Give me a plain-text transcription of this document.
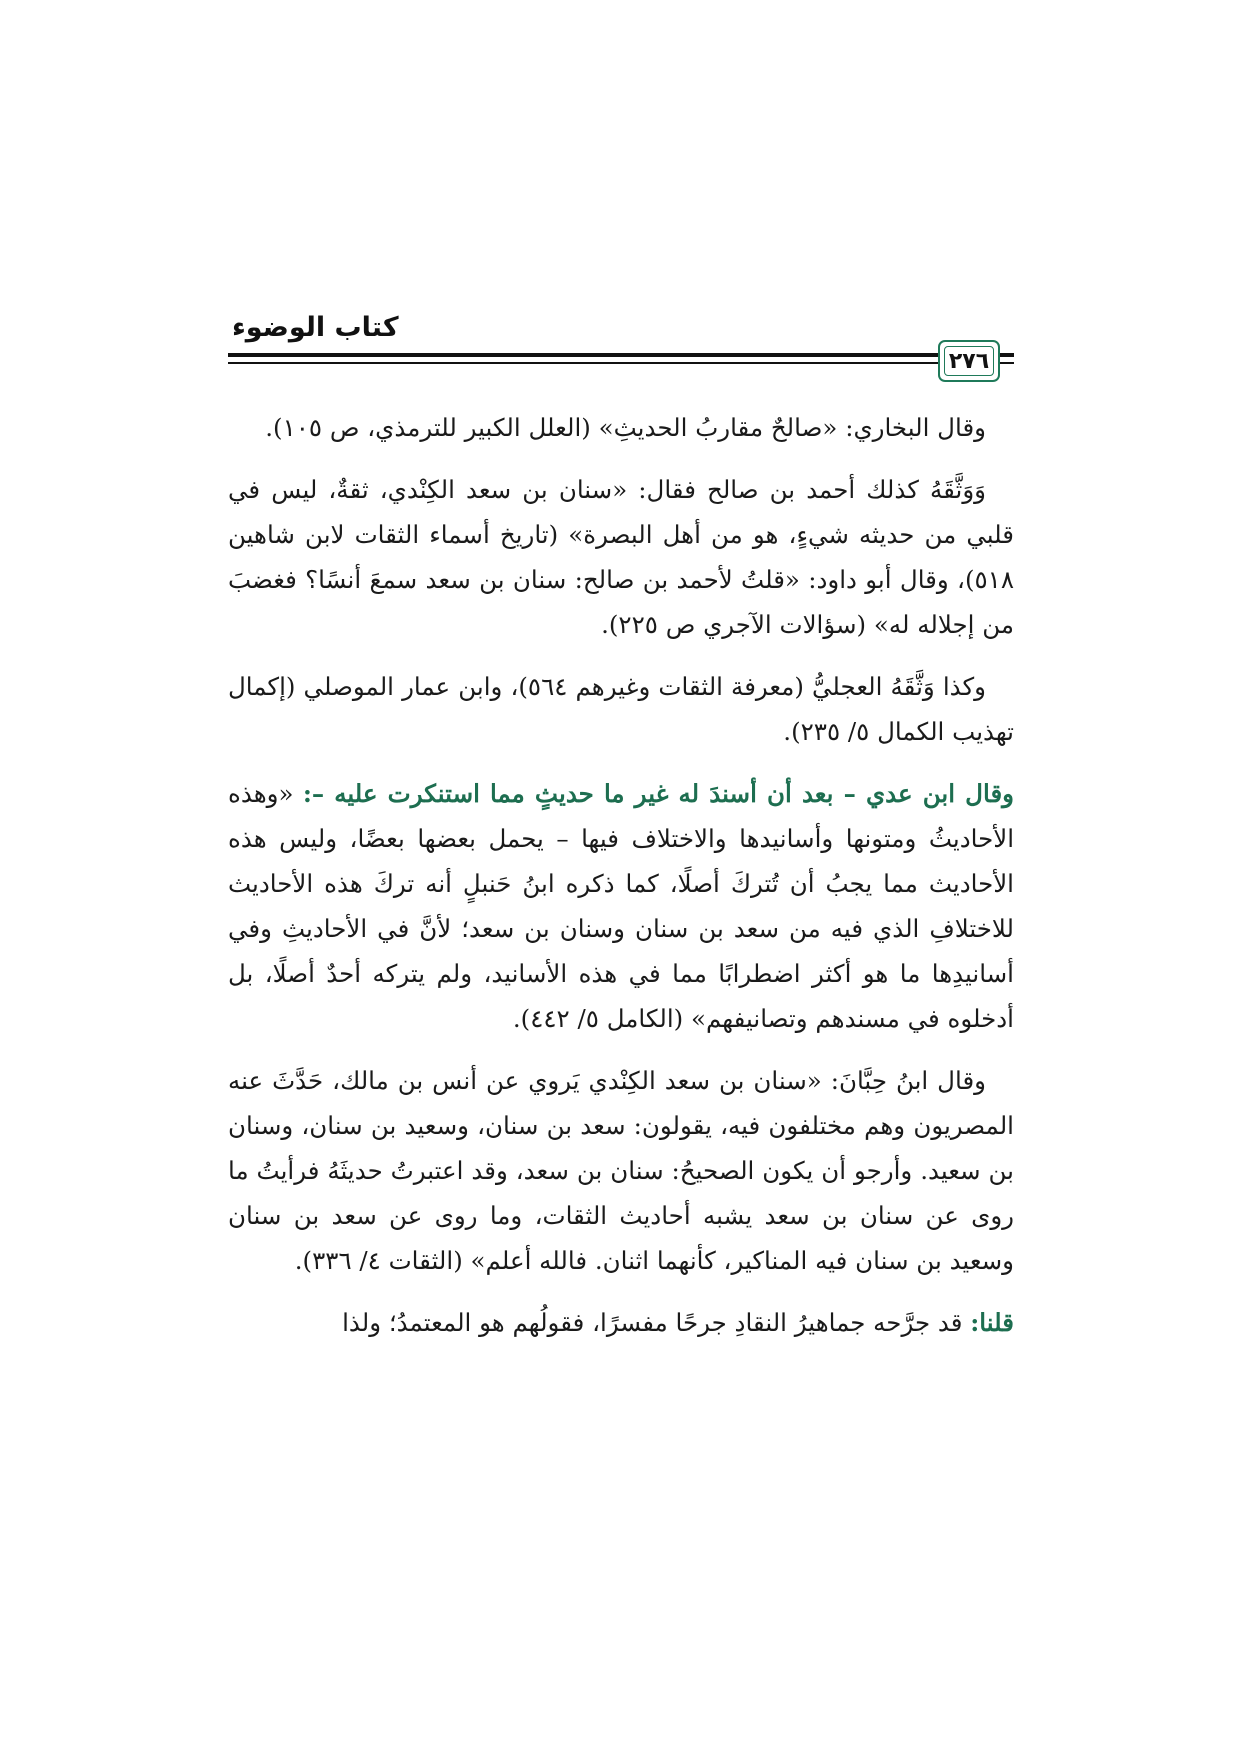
كتاب الوضوء
٢٧٦

وقال البخاري: «صالحٌ مقاربُ الحديثِ» (العلل الكبير للترمذي، ص ١٠٥).

وَوَثَّقَهُ كذلك أحمد بن صالح فقال: «سنان بن سعد الكِنْدي، ثقةٌ، ليس في قلبي من حديثه شيءٍ، هو من أهل البصرة» (تاريخ أسماء الثقات لابن شاهين ٥١٨)، وقال أبو داود: «قلتُ لأحمد بن صالح: سنان بن سعد سمعَ أنسًا؟ فغضبَ من إجلاله له» (سؤالات الآجري ص ٢٢٥).

وكذا وَثَّقَهُ العجليُّ (معرفة الثقات وغيرهم ٥٦٤)، وابن عمار الموصلي (إكمال تهذيب الكمال ٥/ ٢٣٥).

وقال ابن عدي – بعد أن أسندَ له غير ما حديثٍ مما استنكرت عليه –: «وهذه الأحاديثُ ومتونها وأسانيدها والاختلاف فيها – يحمل بعضها بعضًا، وليس هذه الأحاديث مما يجبُ أن تُتركَ أصلًا، كما ذكره ابنُ حَنبلٍ أنه تركَ هذه الأحاديث للاختلافِ الذي فيه من سعد بن سنان وسنان بن سعد؛ لأنَّ في الأحاديثِ وفي أسانيدِها ما هو أكثر اضطرابًا مما في هذه الأسانيد، ولم يتركه أحدٌ أصلًا، بل أدخلوه في مسندهم وتصانيفهم» (الكامل ٥/ ٤٤٢).

وقال ابنُ حِبَّانَ: «سنان بن سعد الكِنْدي يَروي عن أنس بن مالك، حَدَّثَ عنه المصريون وهم مختلفون فيه، يقولون: سعد بن سنان، وسعيد بن سنان، وسنان بن سعيد. وأرجو أن يكون الصحيحُ: سنان بن سعد، وقد اعتبرتُ حديثَهُ فرأيتُ ما روى عن سنان بن سعد يشبه أحاديث الثقات، وما روى عن سعد بن سنان وسعيد بن سنان فيه المناكير، كأنهما اثنان. فالله أعلم» (الثقات ٤/ ٣٣٦).

قلنا: قد جرَّحه جماهيرُ النقادِ جرحًا مفسرًا، فقولُهم هو المعتمدُ؛ ولذا
